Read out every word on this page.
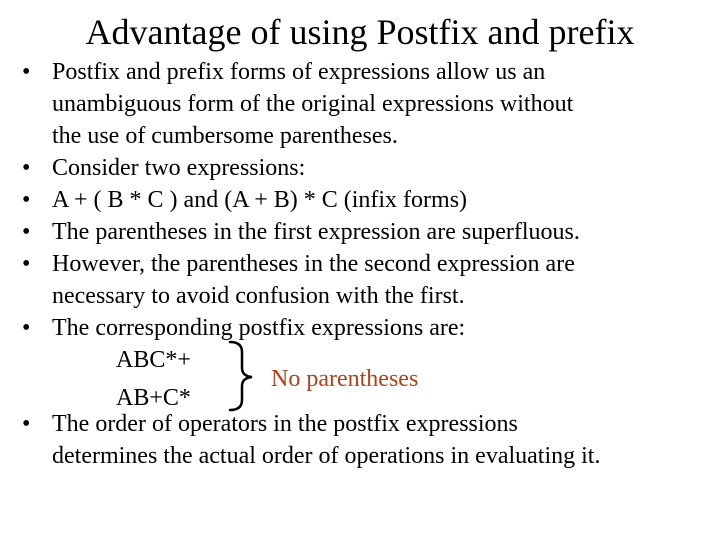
Advantage of using Postfix and prefix
• Postfix and prefix forms of expressions allow us an
unambiguous form of the original expressions without
the use of cumbersome parentheses.
• Consider two expressions:
• A + ( B * C ) and (A + B) * C (infix forms)
• The parentheses in the first expression are superfluous.
• However, the parentheses in the second expression are
necessary to avoid confusion with the first.
• The corresponding postfix expressions are:
ABC*+
AB+C*
No parentheses
• The order of operators in the postfix expressions
determines the actual order of operations in evaluating it.
